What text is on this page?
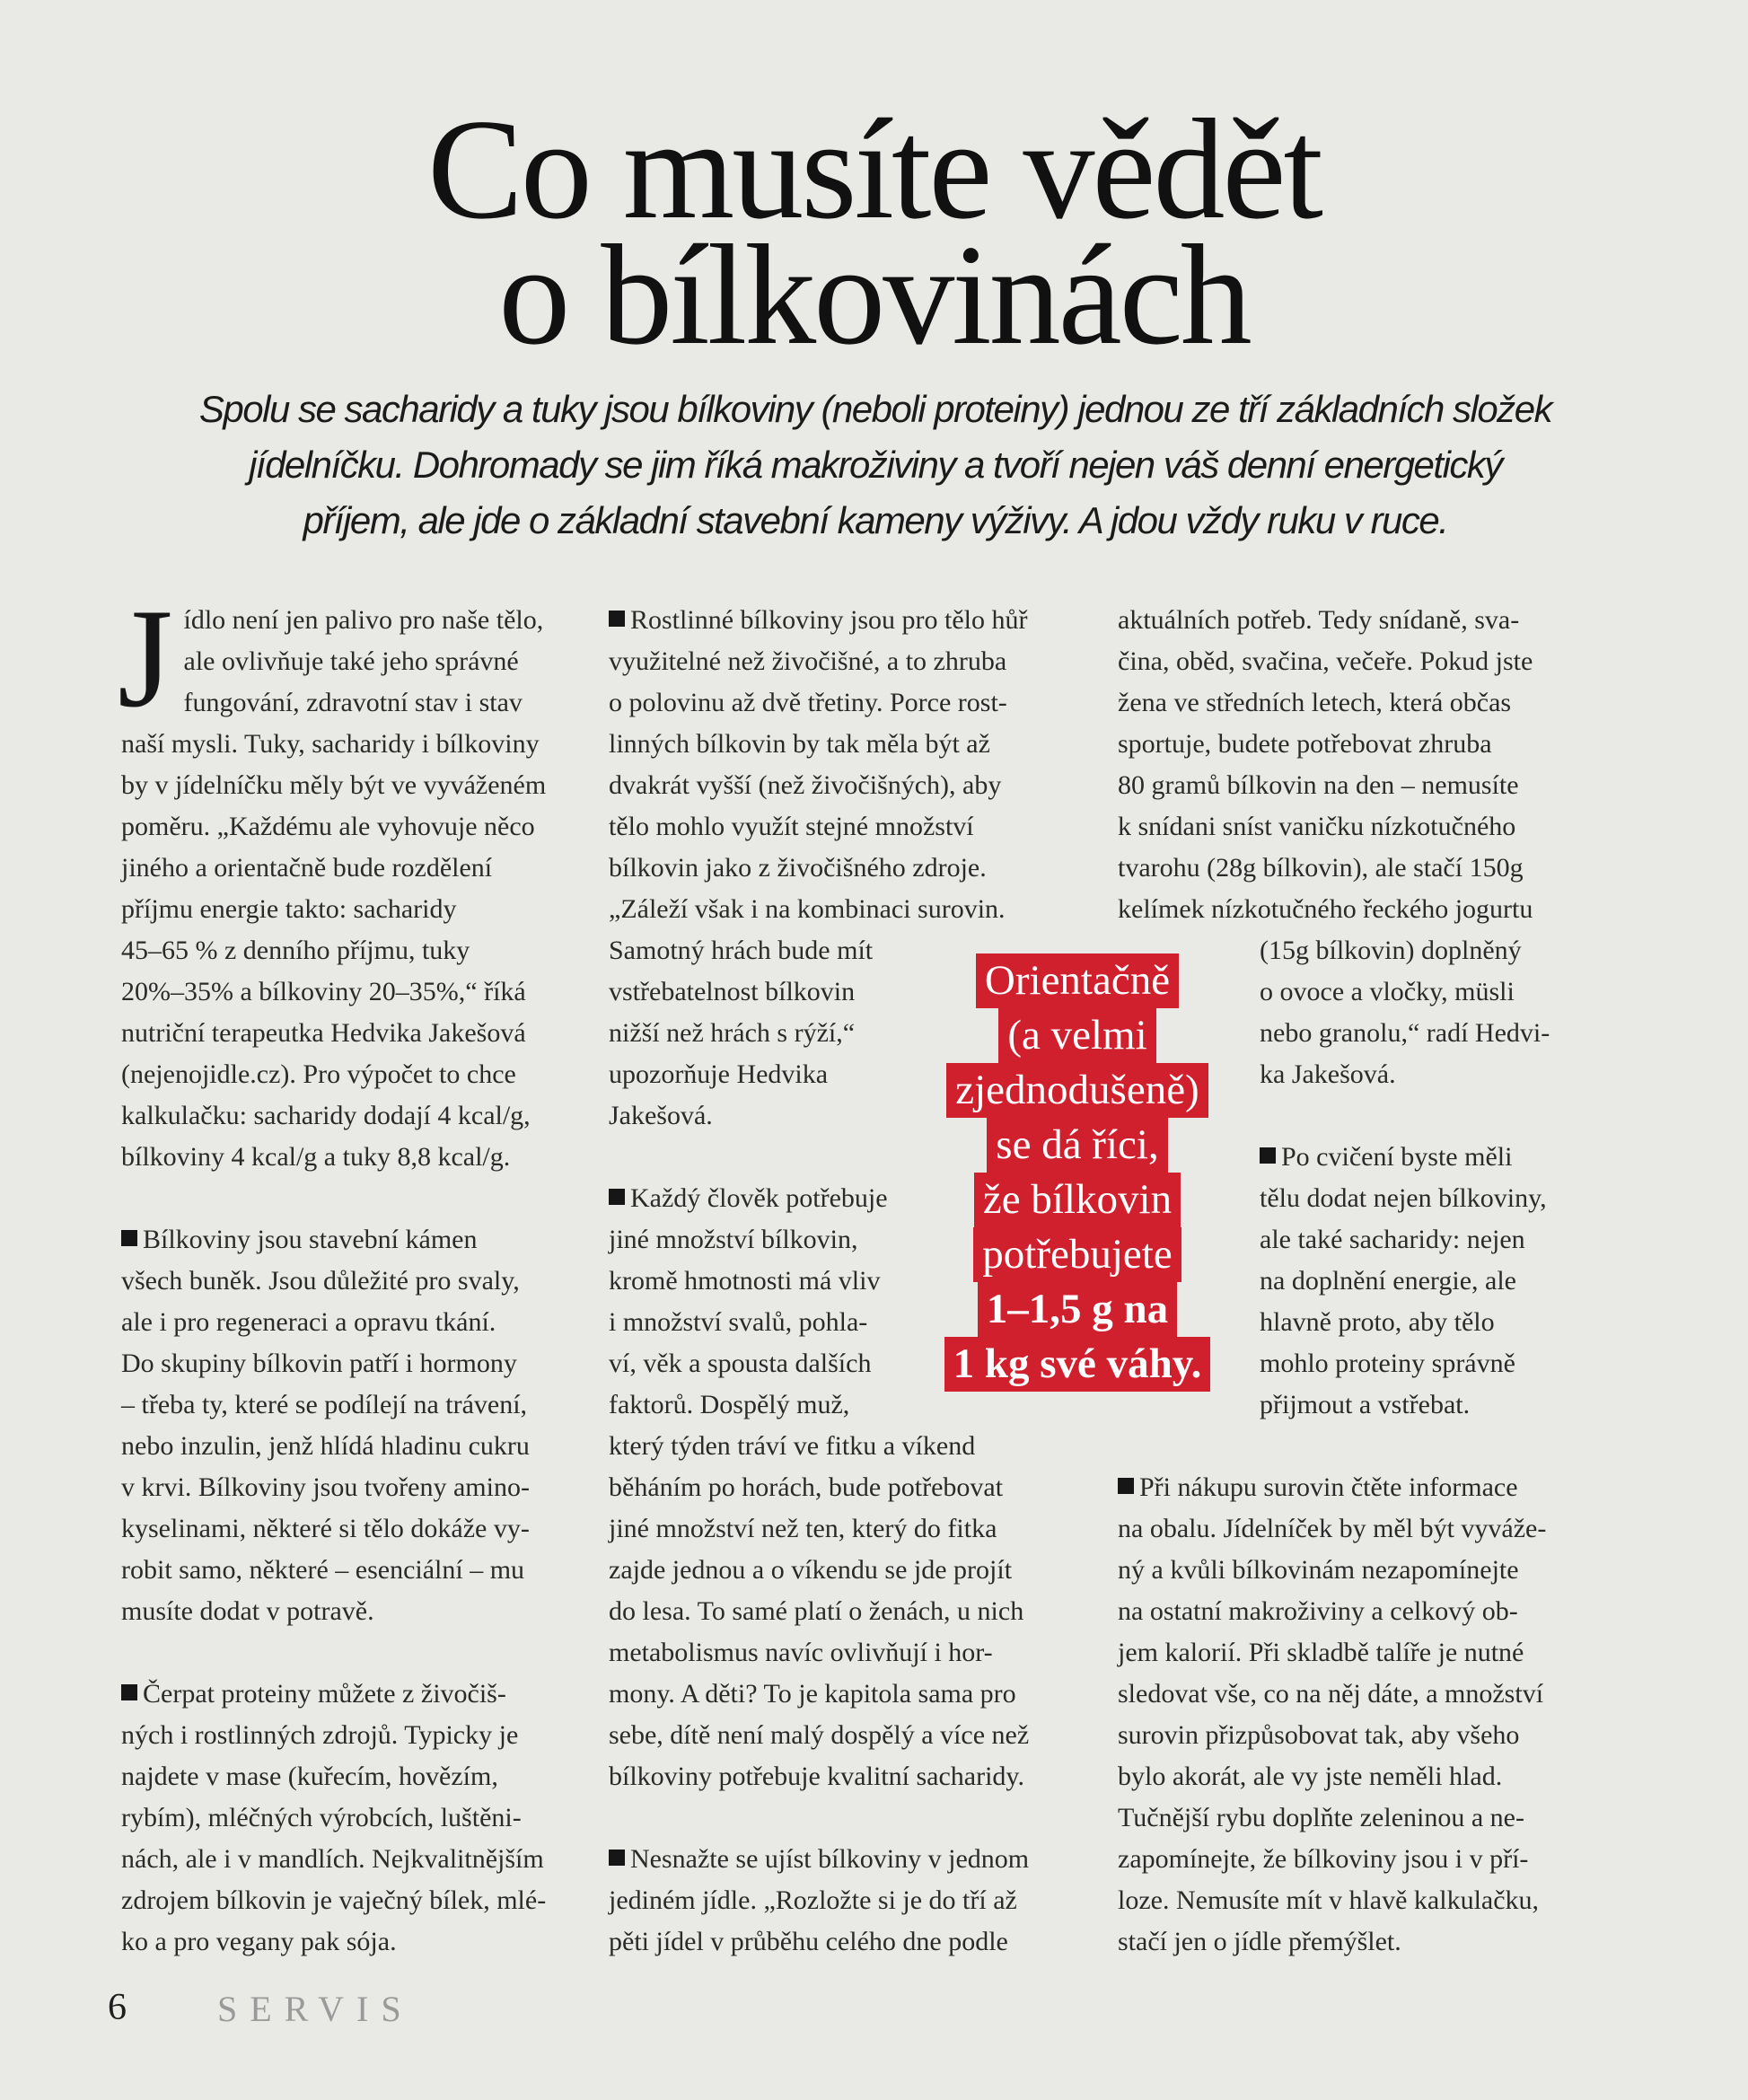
Co musíte vědět
o bílkovinách

Spolu se sacharidy a tuky jsou bílkoviny (neboli proteiny) jednou ze tří základních složek
jídelníčku. Dohromady se jim říká makroživiny a tvoří nejen váš denní energetický
příjem, ale jde o základní stavební kameny výživy. A jdou vždy ruku v ruce.

J ídlo není jen palivo pro naše tělo,
ale ovlivňuje také jeho správné
fungování, zdravotní stav i stav
naší mysli. Tuky, sacharidy i bílkoviny
by v jídelníčku měly být ve vyváženém
poměru. „Každému ale vyhovuje něco
jiného a orientačně bude rozdělení
příjmu energie takto: sacharidy
45–65 % z denního příjmu, tuky
20%–35% a bílkoviny 20–35%,“ říká
nutriční terapeutka Hedvika Jakešová
(nejenojidle.cz). Pro výpočet to chce
kalkulačku: sacharidy dodají 4 kcal/g,
bílkoviny 4 kcal/g a tuky 8,8 kcal/g.

Bílkoviny jsou stavební kámen
všech buněk. Jsou důležité pro svaly,
ale i pro regeneraci a opravu tkání.
Do skupiny bílkovin patří i hormony
– třeba ty, které se podílejí na trávení,
nebo inzulin, jenž hlídá hladinu cukru
v krvi. Bílkoviny jsou tvořeny amino-
kyselinami, některé si tělo dokáže vy-
robit samo, některé – esenciální – mu
musíte dodat v potravě.

Čerpat proteiny můžete z živočiš-
ných i rostlinných zdrojů. Typicky je
najdete v mase (kuřecím, hovězím,
rybím), mléčných výrobcích, luštěni-
nách, ale i v mandlích. Nejkvalitnějším
zdrojem bílkovin je vaječný bílek, mlé-
ko a pro vegany pak sója.

Rostlinné bílkoviny jsou pro tělo hůř
využitelné než živočišné, a to zhruba
o polovinu až dvě třetiny. Porce rost-
linných bílkovin by tak měla být až
dvakrát vyšší (než živočišných), aby
tělo mohlo využít stejné množství
bílkovin jako z živočišného zdroje.
„Záleží však i na kombinaci surovin.
Samotný hrách bude mít
vstřebatelnost bílkovin
nižší než hrách s rýží,“
upozorňuje Hedvika
Jakešová.

Každý člověk potřebuje
jiné množství bílkovin,
kromě hmotnosti má vliv
i množství svalů, pohla-
ví, věk a spousta dalších
faktorů. Dospělý muž,
který týden tráví ve fitku a víkend
běháním po horách, bude potřebovat
jiné množství než ten, který do fitka
zajde jednou a o víkendu se jde projít
do lesa. To samé platí o ženách, u nich
metabolismus navíc ovlivňují i hor-
mony. A děti? To je kapitola sama pro
sebe, dítě není malý dospělý a více než
bílkoviny potřebuje kvalitní sacharidy.

Nesnažte se ujíst bílkoviny v jednom
jediném jídle. „Rozložte si je do tří až
pěti jídel v průběhu celého dne podle

aktuálních potřeb. Tedy snídaně, sva-
čina, oběd, svačina, večeře. Pokud jste
žena ve středních letech, která občas
sportuje, budete potřebovat zhruba
80 gramů bílkovin na den – nemusíte
k snídani sníst vaničku nízkotučného
tvarohu (28g bílkovin), ale stačí 150g
kelímek nízkotučného řeckého jogurtu
(15g bílkovin) doplněný
o ovoce a vločky, müsli
nebo granolu,“ radí Hedvi-
ka Jakešová.

Po cvičení byste měli
tělu dodat nejen bílkoviny,
ale také sacharidy: nejen
na doplnění energie, ale
hlavně proto, aby tělo
mohlo proteiny správně
přijmout a vstřebat.

Při nákupu surovin čtěte informace
na obalu. Jídelníček by měl být vyváže-
ný a kvůli bílkovinám nezapomínejte
na ostatní makroživiny a celkový ob-
jem kalorií. Při skladbě talíře je nutné
sledovat vše, co na něj dáte, a množství
surovin přizpůsobovat tak, aby všeho
bylo akorát, ale vy jste neměli hlad.
Tučnější rybu doplňte zeleninou a ne-
zapomínejte, že bílkoviny jsou i v pří-
loze. Nemusíte mít v hlavě kalkulačku,
stačí jen o jídle přemýšlet.

Orientačně
(a velmi
zjednodušeně)
se dá říci,
že bílkovin
potřebujete
1–1,5 g na
1 kg své váhy.
6	SERVIS
